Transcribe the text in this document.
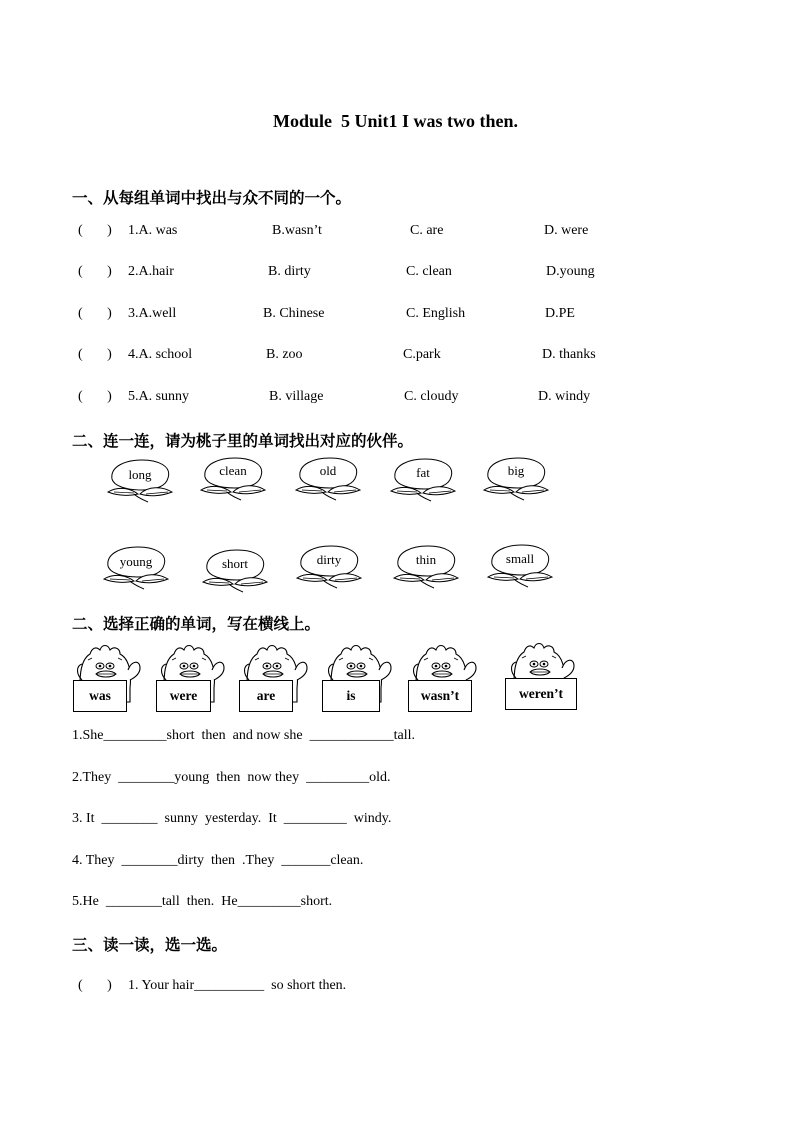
Module  5 Unit1 I was two then.
一、从每组单词中找出与众不同的一个。
(       ) 1.A. was	B.wasn’t	C. are	D. were
(       ) 2.A.hair	B. dirty	C. clean	D.young
(       ) 3.A.well	B. Chinese	C. English	D.PE
(       ) 4.A. school	B. zoo	C.park	D. thanks
(       ) 5.A. sunny	B. village	C. cloudy	D. windy
二、连一连，请为桃子里的单词找出对应的伙伴。
long	clean	old	fat	big
young	short	dirty	thin	small
二、选择正确的单词，写在横线上。
was	were	are	is	wasn’t	weren’t
1.She_________short  then  and now she  ____________tall.
2.They  ________young  then  now they  _________old.
3. It  ________  sunny  yesterday.  It  _________  windy.
4. They  ________dirty  then  .They  _______clean.
5.He  ________tall  then.  He_________short.
三、读一读，选一选。
(       ) 1. Your hair__________  so short then.
